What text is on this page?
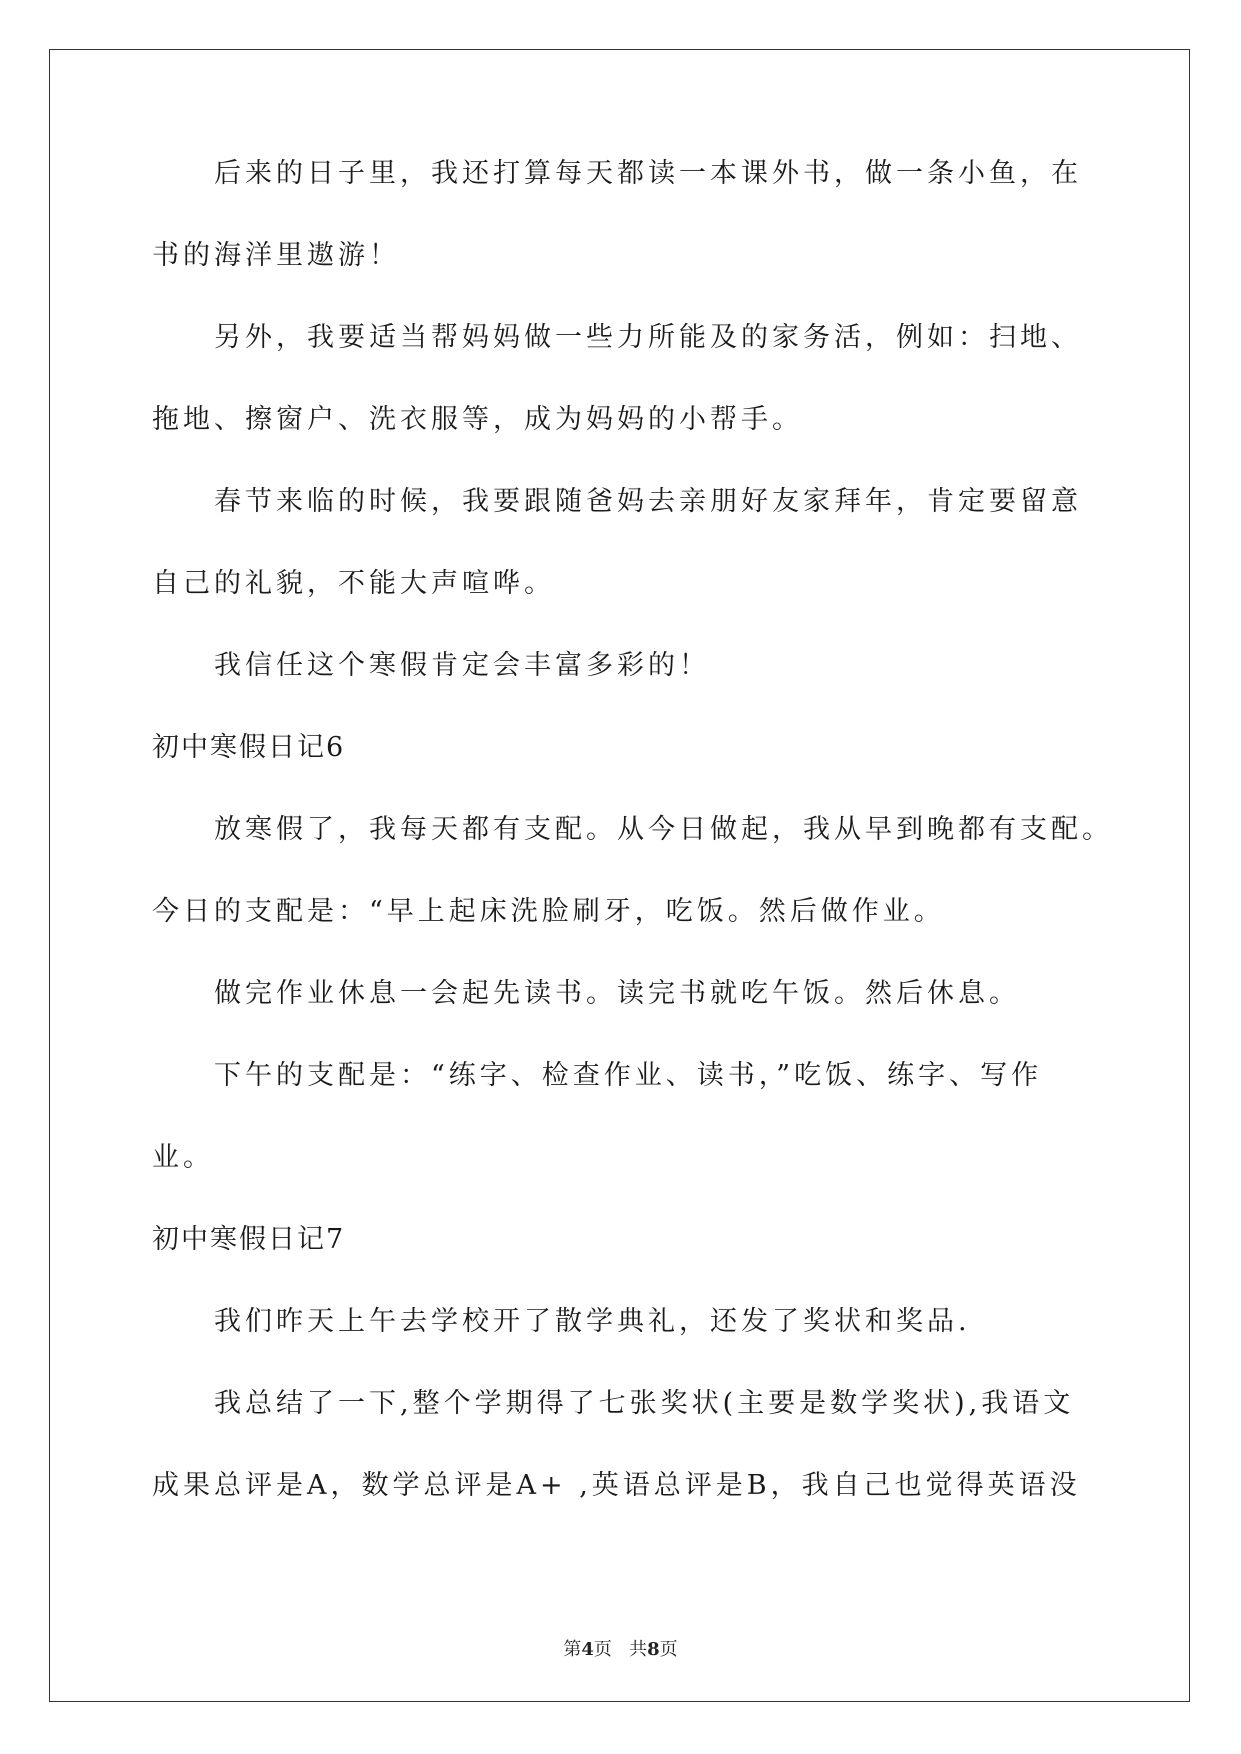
后来的日子里，我还打算每天都读一本课外书，做一条小鱼，在
书的海洋里遨游！
另外，我要适当帮妈妈做一些力所能及的家务活，例如：扫地、
拖地、擦窗户、洗衣服等，成为妈妈的小帮手。
春节来临的时候，我要跟随爸妈去亲朋好友家拜年，肯定要留意
自己的礼貌，不能大声喧哗。
我信任这个寒假肯定会丰富多彩的！
初中寒假日记6
放寒假了，我每天都有支配。从今日做起，我从早到晚都有支配。
今日的支配是：“早上起床洗脸刷牙，吃饭。然后做作业。
做完作业休息一会起先读书。读完书就吃午饭。然后休息。
下午的支配是：“练字、检查作业、读书，”吃饭、练字、写作
业。
初中寒假日记7
我们昨天上午去学校开了散学典礼，还发了奖状和奖品.
我总结了一下,整个学期得了七张奖状(主要是数学奖状),我语文
成果总评是A，数学总评是A+ ,英语总评是B，我自己也觉得英语没
第4页   共8页
